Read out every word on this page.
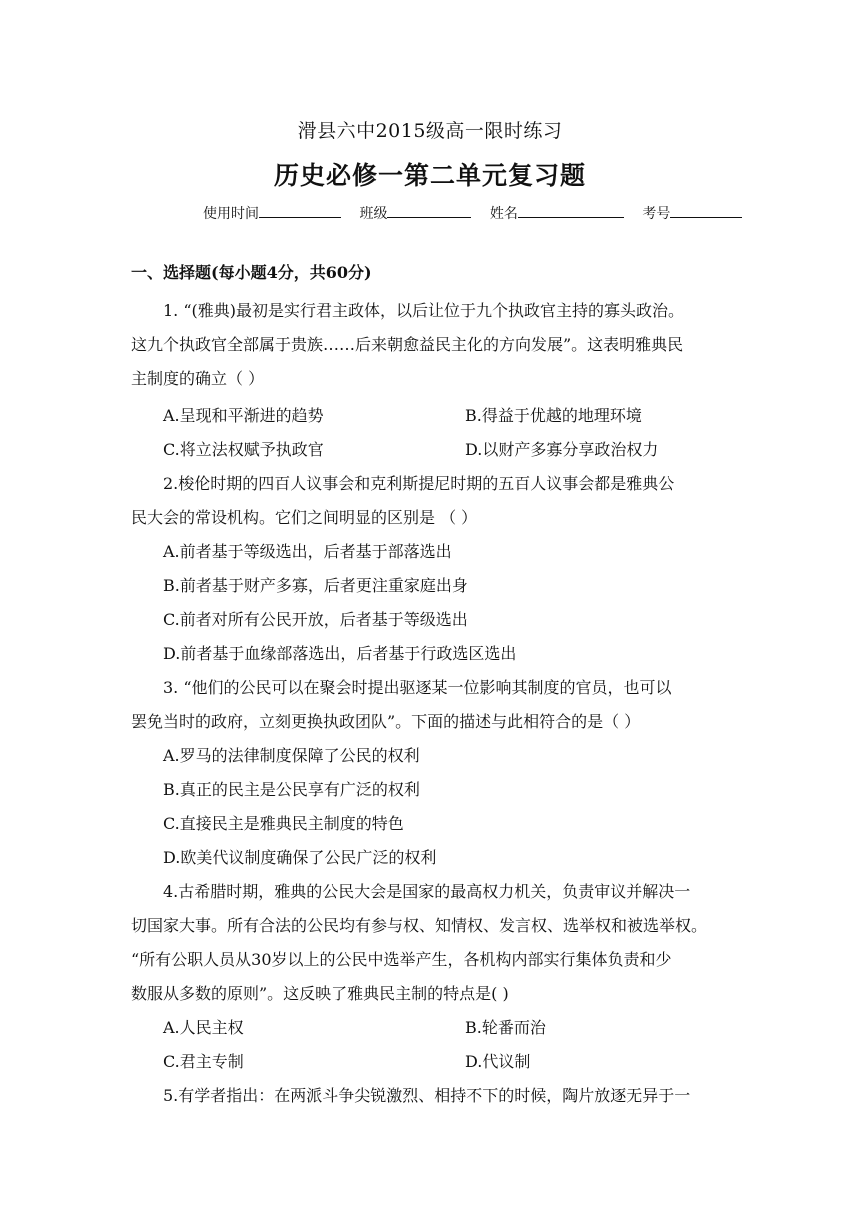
滑县六中2015级高一限时练习
历史必修一第二单元复习题
使用时间	班级	姓名	考号
一、选择题(每小题4分，共60分)
1. “(雅典)最初是实行君主政体，以后让位于九个执政官主持的寡头政治。
这九个执政官全部属于贵族……后来朝愈益民主化的方向发展”。这表明雅典民
主制度的确立（ ）
A.呈现和平渐进的趋势	B.得益于优越的地理环境
C.将立法权赋予执政官	D.以财产多寡分享政治权力
2.梭伦时期的四百人议事会和克利斯提尼时期的五百人议事会都是雅典公
民大会的常设机构。它们之间明显的区别是 （ ）
A.前者基于等级选出，后者基于部落选出
B.前者基于财产多寡，后者更注重家庭出身
C.前者对所有公民开放，后者基于等级选出
D.前者基于血缘部落选出，后者基于行政选区选出
3. “他们的公民可以在聚会时提出驱逐某一位影响其制度的官员，也可以
罢免当时的政府，立刻更换执政团队”。下面的描述与此相符合的是（ ）
A.罗马的法律制度保障了公民的权利
B.真正的民主是公民享有广泛的权利
C.直接民主是雅典民主制度的特色
D.欧美代议制度确保了公民广泛的权利
4.古希腊时期，雅典的公民大会是国家的最高权力机关，负责审议并解决一
切国家大事。所有合法的公民均有参与权、知情权、发言权、选举权和被选举权。
“所有公职人员从30岁以上的公民中选举产生，各机构内部实行集体负责和少
数服从多数的原则”。这反映了雅典民主制的特点是( )
A.人民主权	B.轮番而治
C.君主专制	D.代议制
5.有学者指出：在两派斗争尖锐激烈、相持不下的时候，陶片放逐无异于一
